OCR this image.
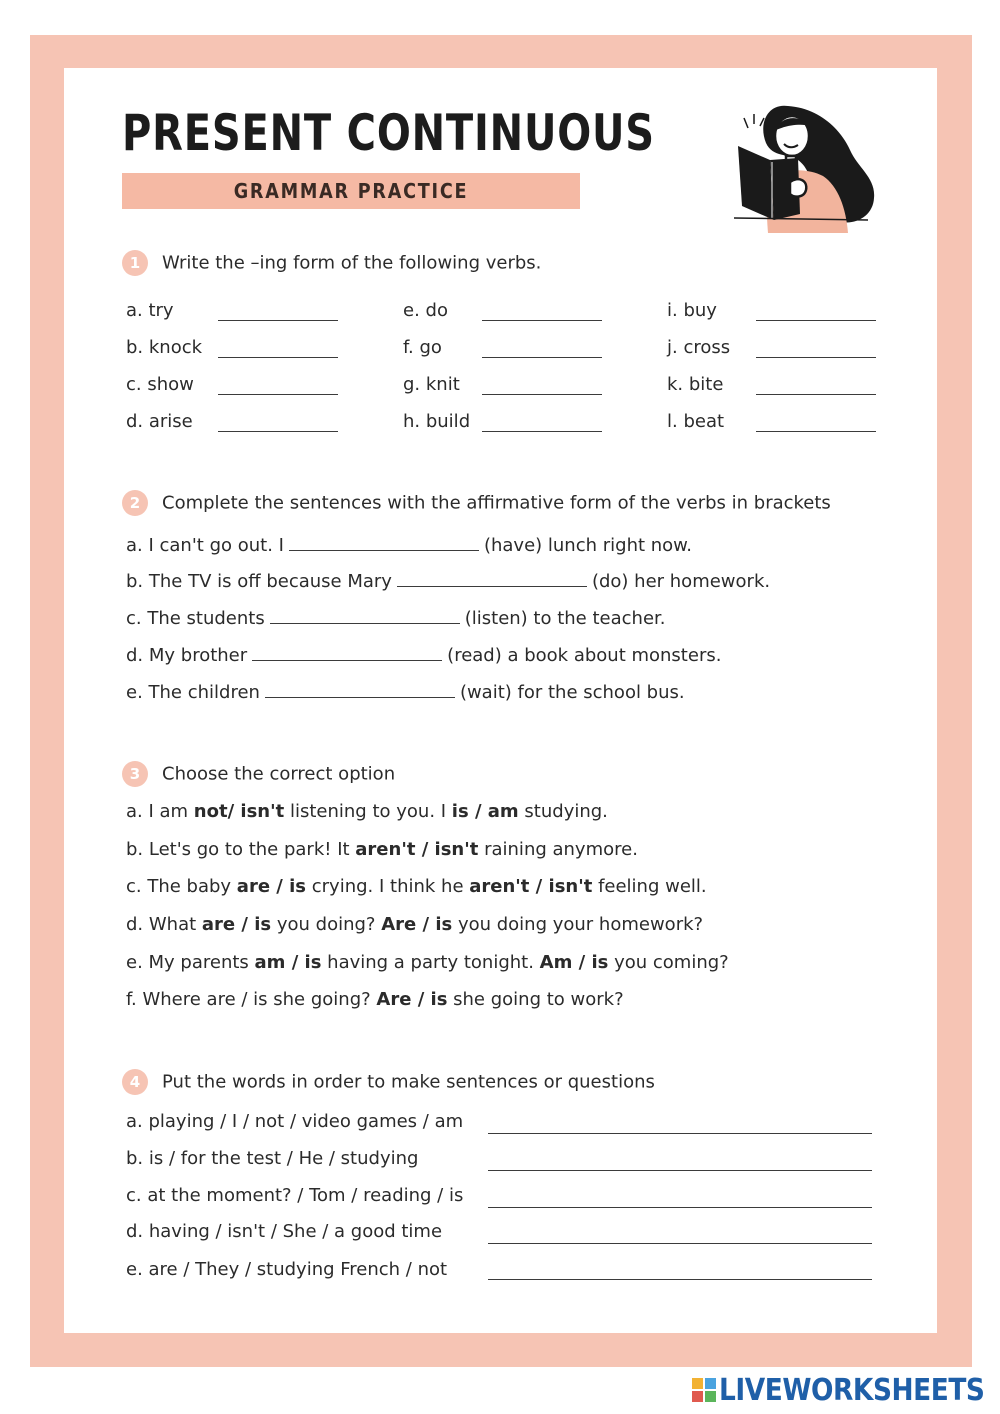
PRESENT CONTINUOUS
GRAMMAR PRACTICE
1 Write the –ing form of the following verbs.
a. try
b. knock
c. show
d. arise
e. do
f. go
g. knit
h. build
i. buy
j. cross
k. bite
l. beat
2 Complete the sentences with the affirmative form of the verbs in brackets
a. I can't go out. I	(have) lunch right now.
b. The TV is off because Mary	(do) her homework.
c. The students	(listen) to the teacher.
d. My brother	(read) a book about monsters.
e. The children	(wait) for the school bus.
3 Choose the correct option
a. I am not/ isn't listening to you. I is / am studying.
b. Let's go to the park! It aren't / isn't raining anymore.
c. The baby are / is crying. I think he aren't / isn't feeling well.
d. What are / is you doing? Are / is you doing your homework?
e. My parents am / is having a party tonight. Am / is you coming?
f. Where are / is she going? Are / is she going to work?
4 Put the words in order to make sentences or questions
a. playing / I / not / video games / am
b. is / for the test / He / studying
c. at the moment? / Tom / reading / is
d. having / isn't / She / a good time
e. are / They / studying French / not
LIVEWORKSHEETS
